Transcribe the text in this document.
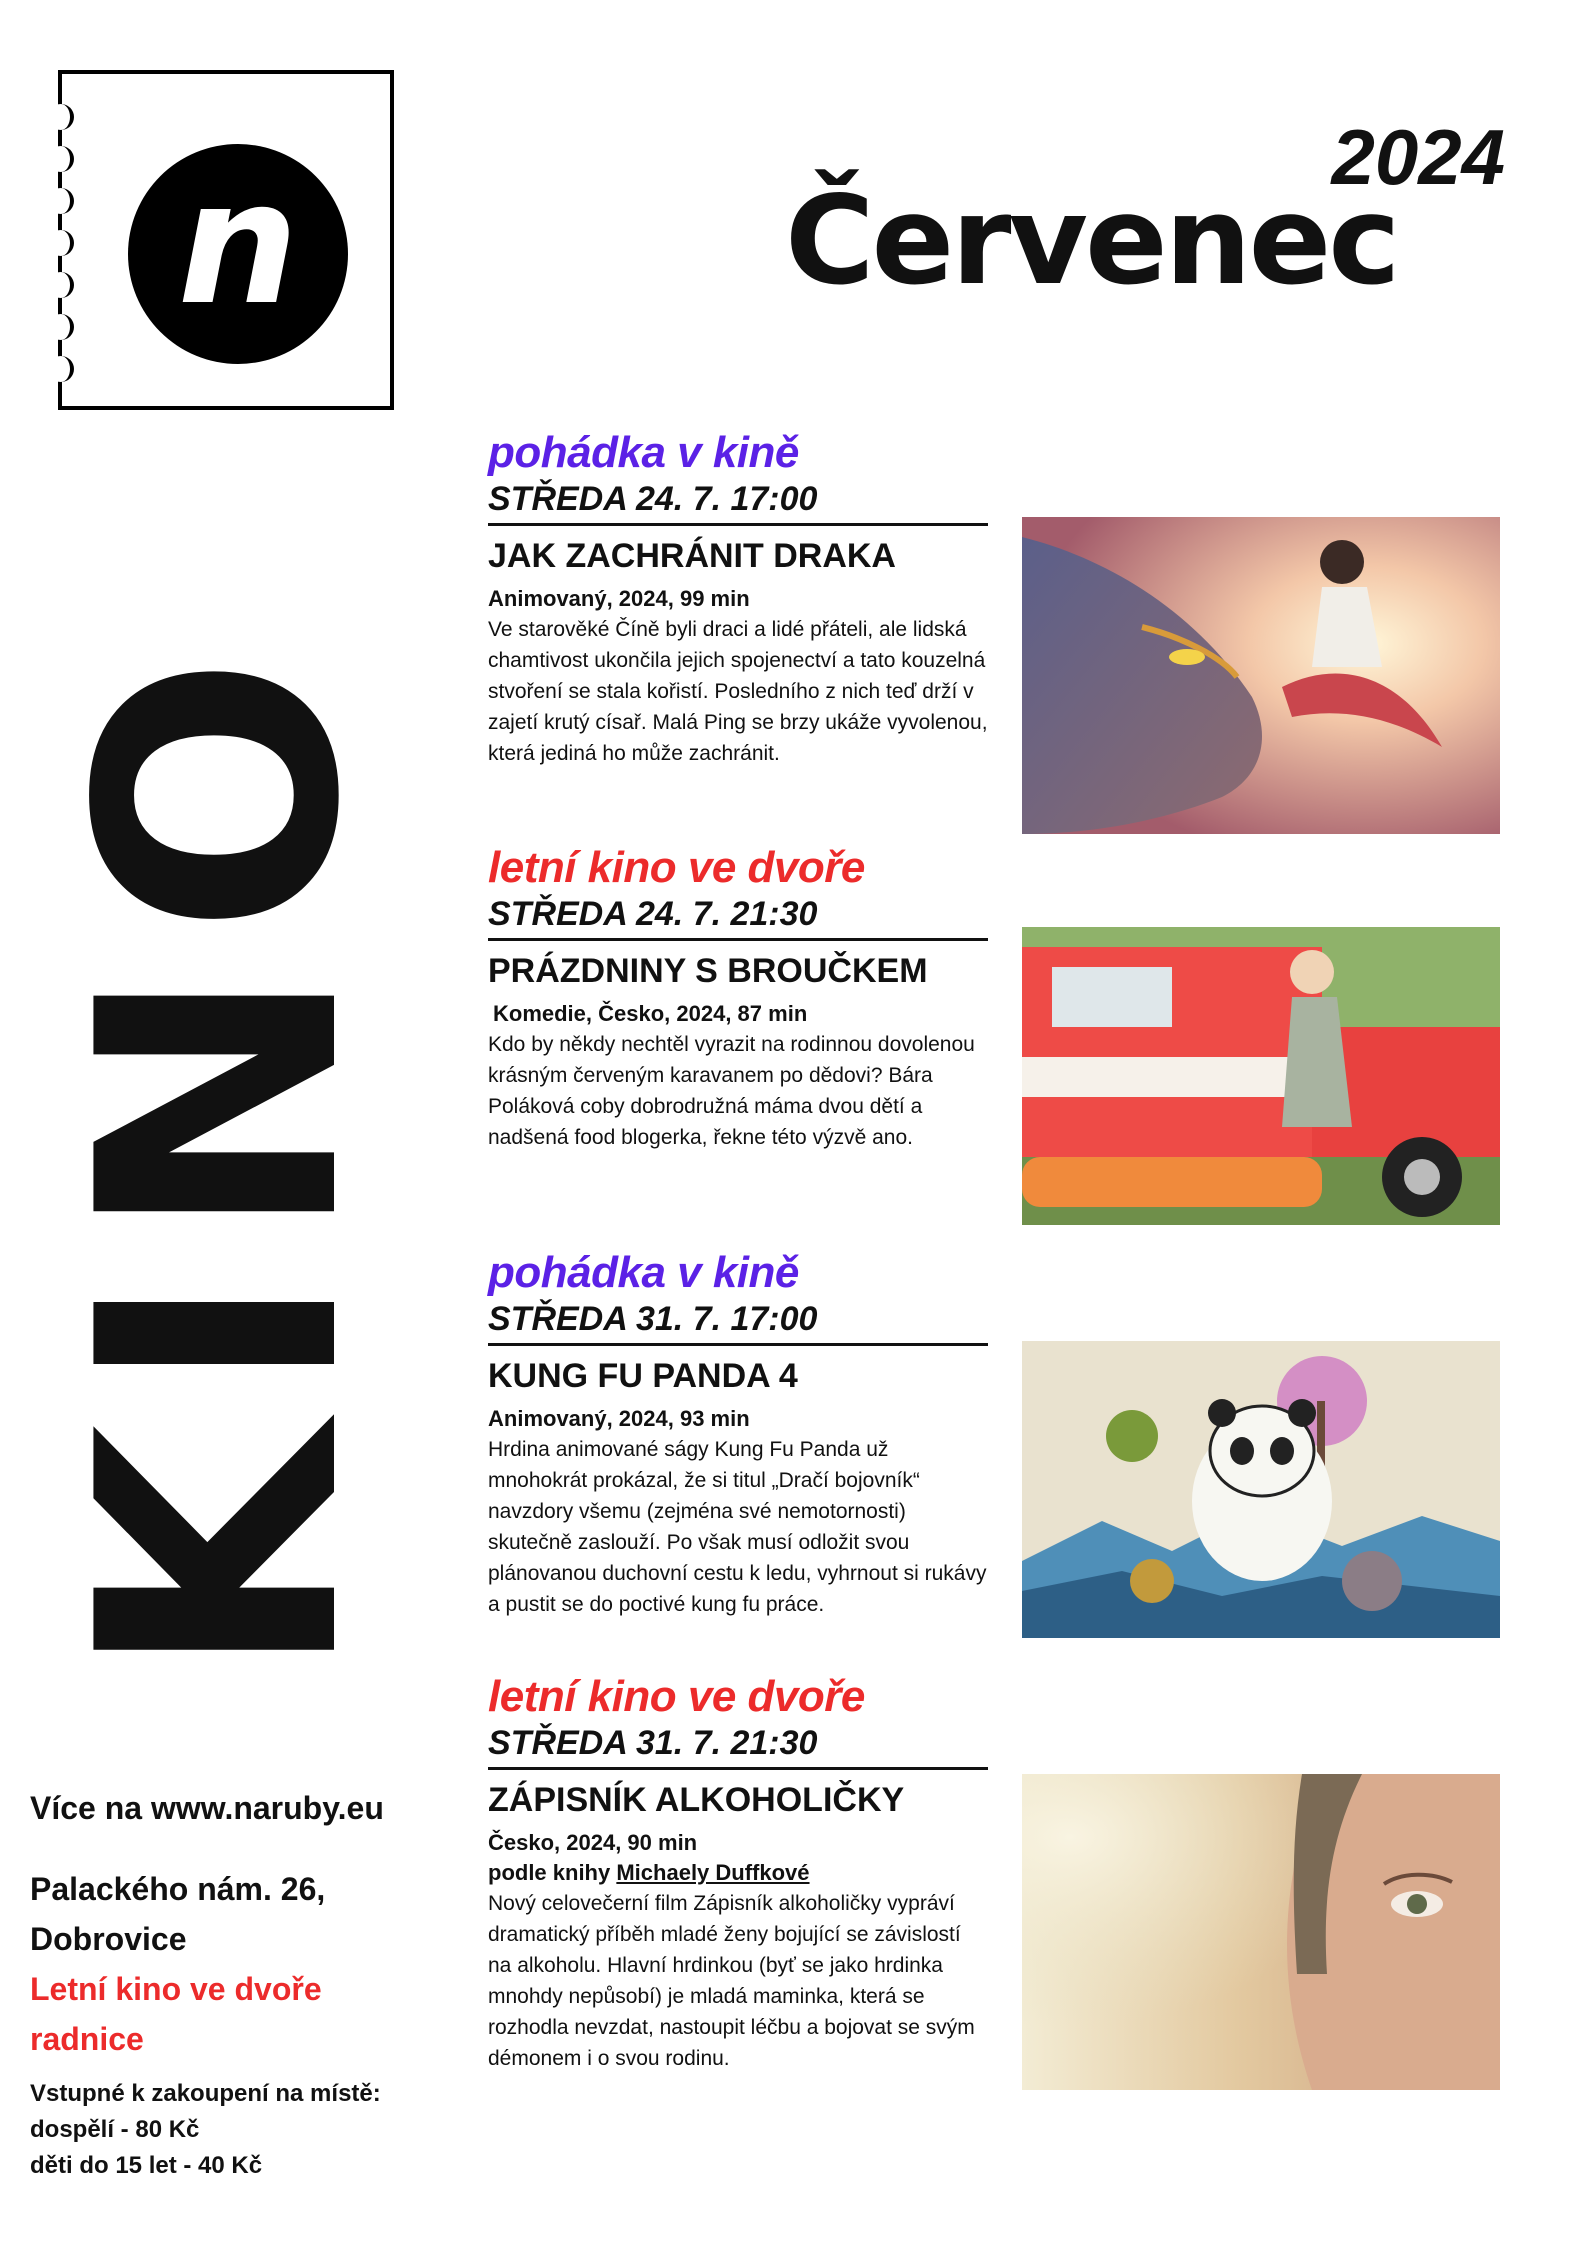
n	2024
Červenec
KINO
pohádka v kině
STŘEDA 24. 7. 17:00
JAK ZACHRÁNIT DRAKA
Animovaný, 2024, 99 min
Ve starověké Číně byli draci a lidé přáteli, ale lidská chamtivost ukončila jejich spojenectví a tato kouzelná stvoření se stala kořistí. Posledního z nich teď drží v zajetí krutý císař. Malá Ping se brzy ukáže vyvolenou, která jediná ho může zachránit.
letní kino ve dvoře
STŘEDA 24. 7. 21:30
PRÁZDNINY S BROUČKEM
Komedie, Česko, 2024, 87 min
Kdo by někdy nechtěl vyrazit na rodinnou dovolenou krásným červeným karavanem po dědovi? Bára Poláková coby dobrodružná máma dvou dětí a nadšená food blogerka, řekne této výzvě ano.
pohádka v kině
STŘEDA 31. 7. 17:00
KUNG FU PANDA 4
Animovaný, 2024, 93 min
Hrdina animované ságy Kung Fu Panda už mnohokrát prokázal, že si titul „Dračí bojovník“ navzdory všemu (zejména své nemotornosti) skutečně zaslouží. Po však musí odložit svou plánovanou duchovní cestu k ledu, vyhrnout si rukávy a pustit se do poctivé kung fu práce.
letní kino ve dvoře
STŘEDA 31. 7. 21:30
ZÁPISNÍK ALKOHOLIČKY
Česko, 2024, 90 min
podle knihy Michaely Duffkové
Nový celovečerní film Zápisník alkoholičky vypráví dramatický příběh mladé ženy bojující se závislostí na alkoholu. Hlavní hrdinkou (byť se jako hrdinka mnohdy nepůsobí) je mladá maminka, která se rozhodla nevzdat, nastoupit léčbu a bojovat se svým démonem i o svou rodinu.
Více na www.naruby.eu
Palackého nám. 26,
Dobrovice
Letní kino ve dvoře
radnice
Vstupné k zakoupení na místě:
dospělí - 80 Kč
děti do 15 let - 40 Kč
